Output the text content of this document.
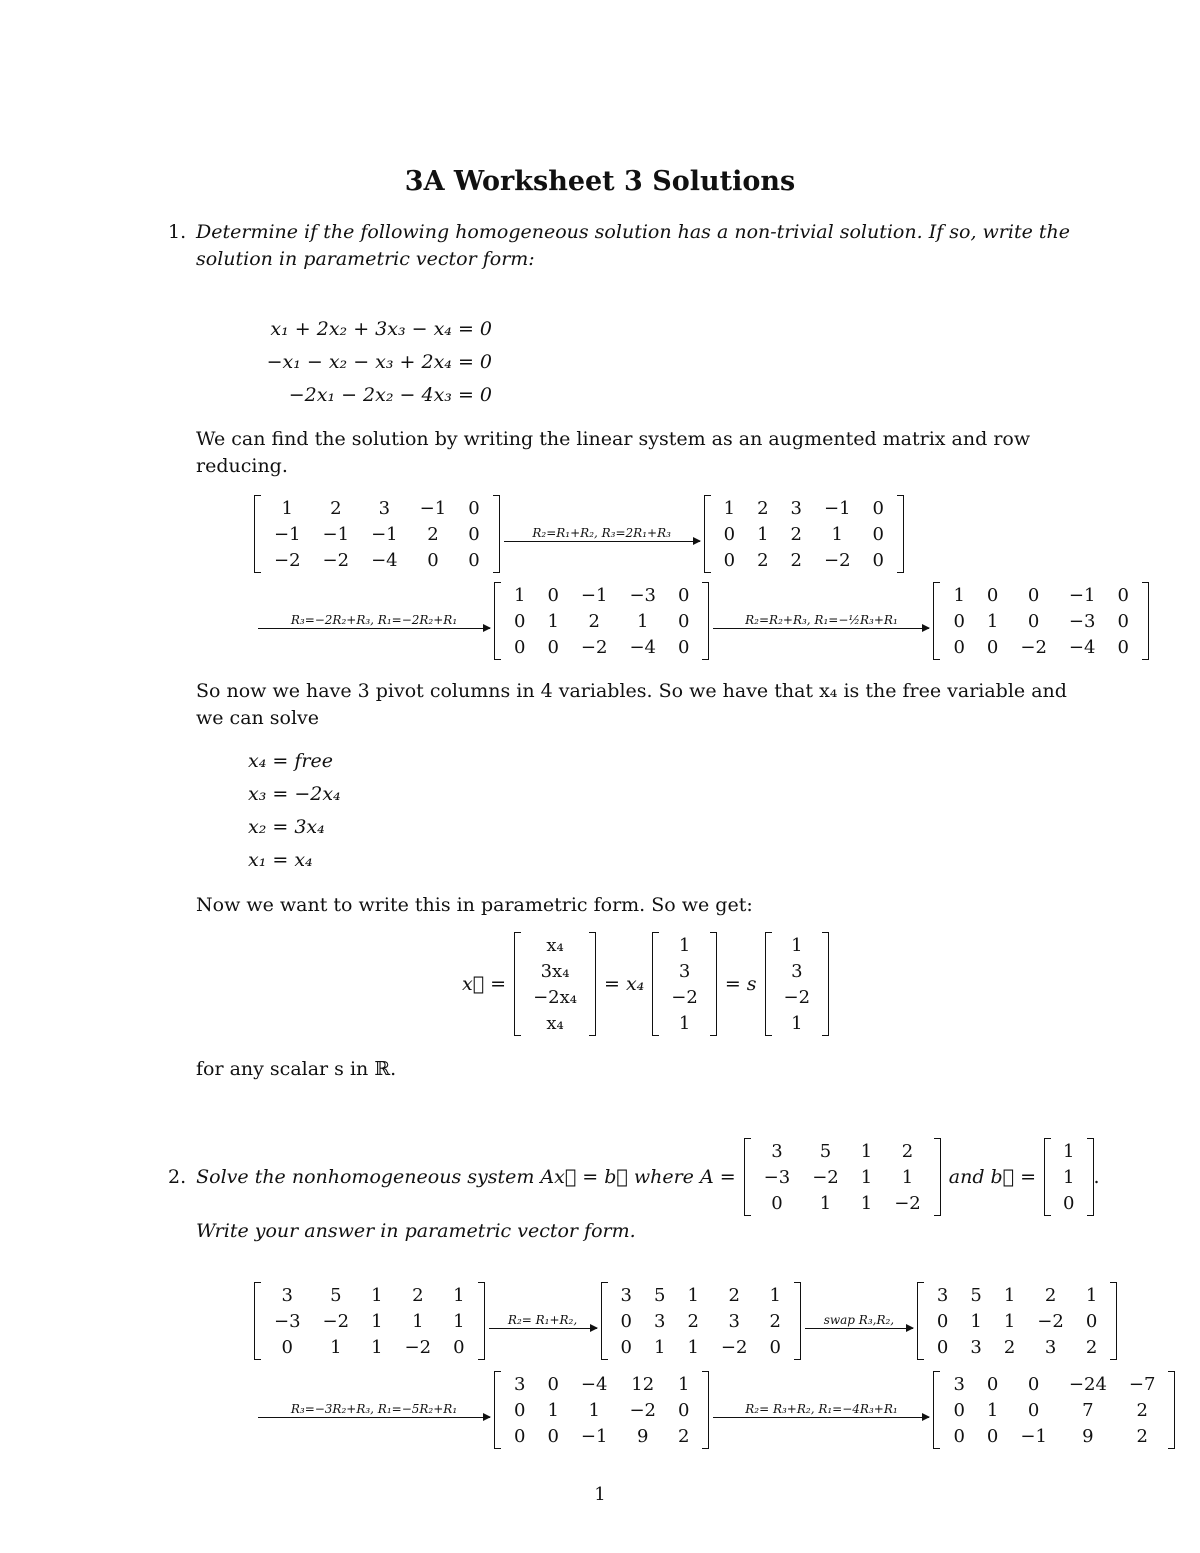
3A Worksheet 3 Solutions
1. Determine if the following homogeneous solution has a non-trivial solution. If so, write the
solution in parametric vector form:
x₁ + 2x₂ + 3x₃ − x₄ = 0
−x₁ − x₂ − x₃ + 2x₄ = 0
−2x₁ − 2x₂ − 4x₃ = 0
We can find the solution by writing the linear system as an augmented matrix and row
reducing.
1	2	3	−1	0
−1	−1	−1	2	0
−2	−2	−4	0	0
R₂=R₁+R₂, R₃=2R₁+R₃
1	2	3	−1	0
0	1	2	1	0
0	2	2	−2	0
R₃=−2R₂+R₃, R₁=−2R₂+R₁
1	0	−1	−3	0
0	1	2	1	0
0	0	−2	−4	0
R₂=R₂+R₃, R₁=−½R₃+R₁
1	0	0	−1	0
0	1	0	−3	0
0	0	−2	−4	0
So now we have 3 pivot columns in 4 variables. So we have that x₄ is the free variable and
we can solve
x₄ = free
x₃ = −2x₄
x₂ = 3x₄
x₁ = x₄
Now we want to write this in parametric form. So we get:
x⃗ =
x₄
3x₄
−2x₄
x₄
= x₄
1
3
−2
1
= s
1
3
−2
1
for any scalar s in ℝ.
2. Solve the nonhomogeneous system Ax⃗ = b⃗ where A =
3	5	1	2
−3	−2	1	1
0	1	1	−2
and b⃗ =
1
1
0
.
Write your answer in parametric vector form.
3	5	1	2	1
−3	−2	1	1	1
0	1	1	−2	0
R₂= R₁+R₂,
3	5	1	2	1
0	3	2	3	2
0	1	1	−2	0
swap R₃,R₂,
3	5	1	2	1
0	1	1	−2	0
0	3	2	3	2
R₃=−3R₂+R₃, R₁=−5R₂+R₁
3	0	−4	12	1
0	1	1	−2	0
0	0	−1	9	2
R₂= R₃+R₂, R₁=−4R₃+R₁
3	0	0	−24	−7
0	1	0	7	2
0	0	−1	9	2
1
